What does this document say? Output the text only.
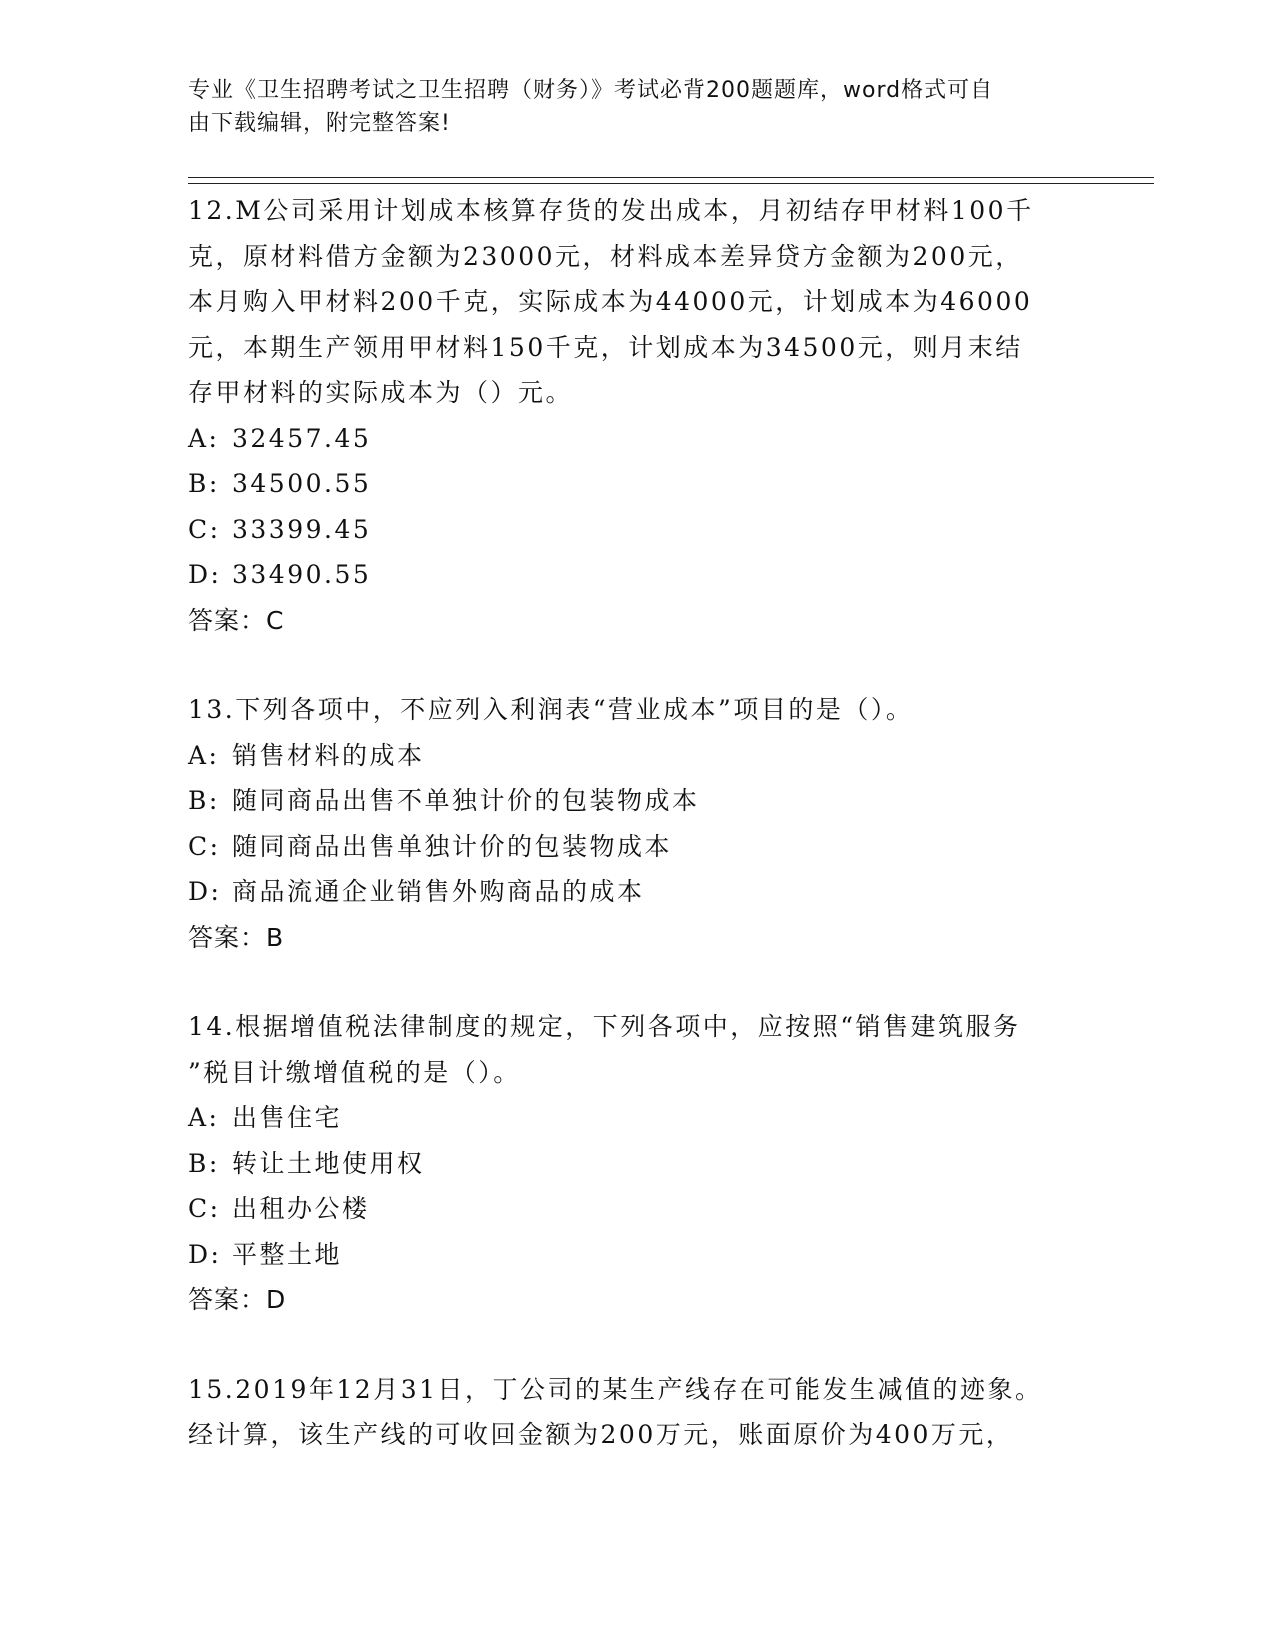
专业《卫生招聘考试之卫生招聘（财务）》考试必背200题题库，word格式可自
由下载编辑，附完整答案!
12.M公司采用计划成本核算存货的发出成本，月初结存甲材料100千
克，原材料借方金额为23000元，材料成本差异贷方金额为200元，
本月购入甲材料200千克，实际成本为44000元，计划成本为46000
元，本期生产领用甲材料150千克，计划成本为34500元，则月末结
存甲材料的实际成本为（）元。
A: 32457.45
B: 34500.55
C: 33399.45
D: 33490.55
答案：C
13.下列各项中，不应列入利润表“营业成本”项目的是（）。
A: 销售材料的成本
B: 随同商品出售不单独计价的包装物成本
C: 随同商品出售单独计价的包装物成本
D: 商品流通企业销售外购商品的成本
答案：B
14.根据增值税法律制度的规定，下列各项中，应按照“销售建筑服务
”税目计缴增值税的是（）。
A: 出售住宅
B: 转让土地使用权
C: 出租办公楼
D: 平整土地
答案：D
15.2019年12月31日，丁公司的某生产线存在可能发生减值的迹象。
经计算，该生产线的可收回金额为200万元，账面原价为400万元，
